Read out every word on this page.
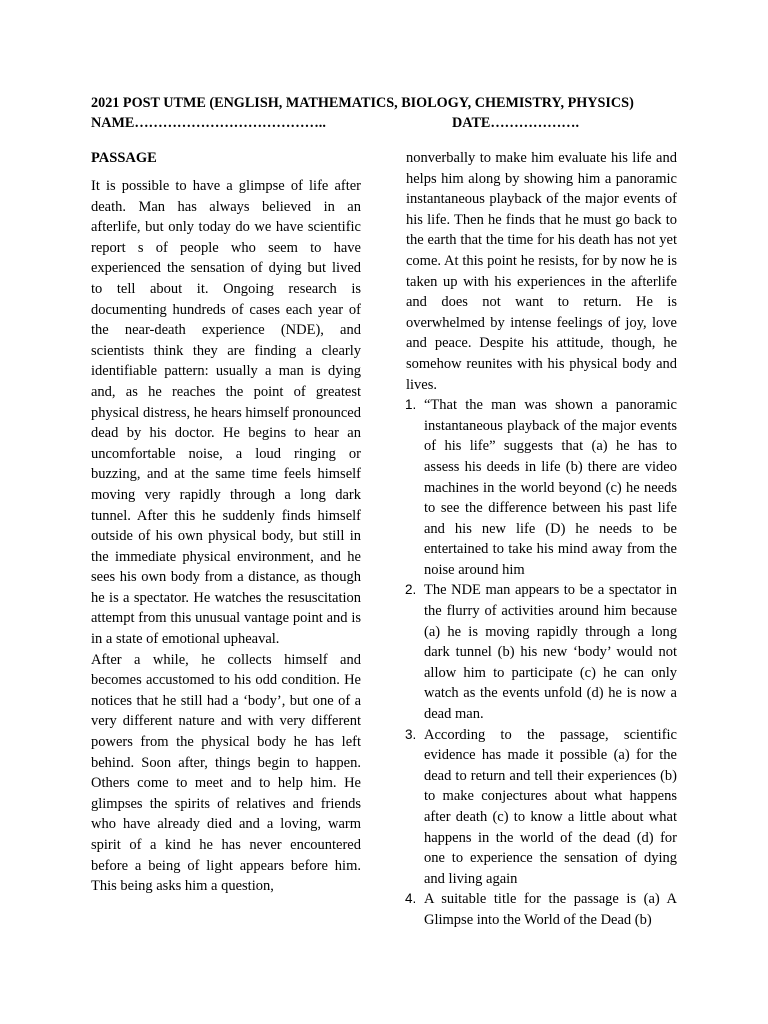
2021 POST UTME (ENGLISH, MATHEMATICS, BIOLOGY, CHEMISTRY, PHYSICS)
NAME…………………………………..	DATE……………….
PASSAGE

It is possible to have a glimpse of life after death. Man has always believed in an afterlife, but only today do we have scientific report s of people who seem to have experienced the sensation of dying but lived to tell about it. Ongoing research is documenting hundreds of cases each year of the near-death experience (NDE), and scientists think they are finding a clearly identifiable pattern: usually a man is dying and, as he reaches the point of greatest physical distress, he hears himself pronounced dead by his doctor. He begins to hear an uncomfortable noise, a loud ringing or buzzing, and at the same time feels himself moving very rapidly through a long dark tunnel. After this he suddenly finds himself outside of his own physical body, but still in the immediate physical environment, and he sees his own body from a distance, as though he is a spectator. He watches the resuscitation attempt from this unusual vantage point and is in a state of emotional upheaval.

After a while, he collects himself and becomes accustomed to his odd condition. He notices that he still had a ‘body’, but one of a very different nature and with very different powers from the physical body he has left behind. Soon after, things begin to happen. Others come to meet and to help him. He glimpses the spirits of relatives and friends who have already died and a loving, warm spirit of a kind he has never encountered before a being of light appears before him. This being asks him a question,

nonverbally to make him evaluate his life and helps him along by showing him a panoramic instantaneous playback of the major events of his life. Then he finds that he must go back to the earth that the time for his death has not yet come. At this point he resists, for by now he is taken up with his experiences in the afterlife and does not want to return. He is overwhelmed by intense feelings of joy, love and peace. Despite his attitude, though, he somehow reunites with his physical body and lives.

1. “That the man was shown a panoramic instantaneous playback of the major events of his life” suggests that (a) he has to assess his deeds in life (b) there are video machines in the world beyond (c) he needs to see the difference between his past life and his new life (D) he needs to be entertained to take his mind away from the noise around him
2. The NDE man appears to be a spectator in the flurry of activities around him because (a) he is moving rapidly through a long dark tunnel (b) his new ‘body’ would not allow him to participate (c) he can only watch as the events unfold (d) he is now a dead man.
3. According to the passage, scientific evidence has made it possible (a) for the dead to return and tell their experiences (b) to make conjectures about what happens after death (c) to know a little about what happens in the world of the dead (d) for one to experience the sensation of dying and living again
4. A suitable title for the passage is (a) A Glimpse into the World of the Dead (b)
